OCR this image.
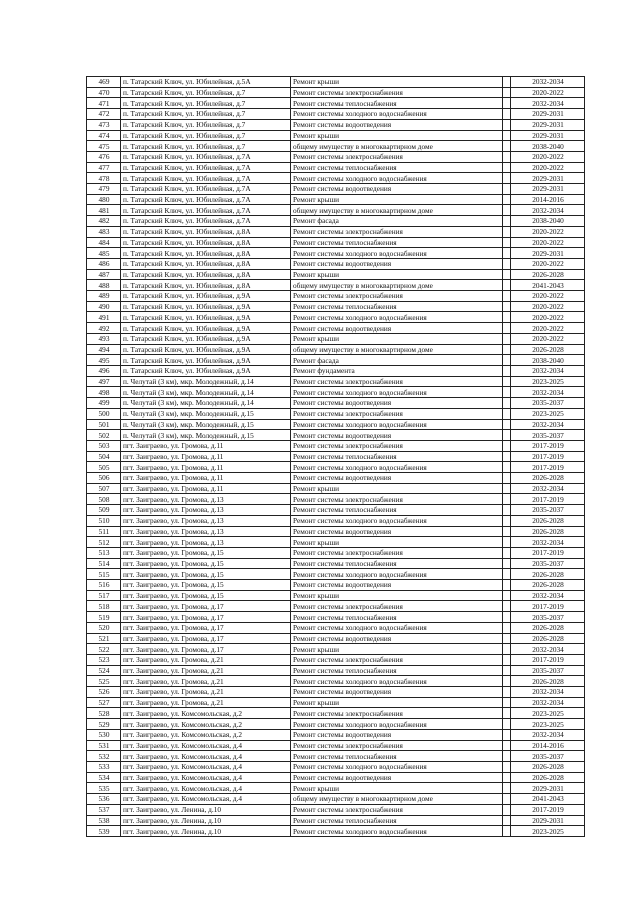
469	п. Татарский Ключ, ул. Юбилейная, д.5А	Ремонт крыши		2032-2034
470	п. Татарский Ключ, ул. Юбилейная, д.7	Ремонт системы электроснабжения		2020-2022
471	п. Татарский Ключ, ул. Юбилейная, д.7	Ремонт системы теплоснабжения		2032-2034
472	п. Татарский Ключ, ул. Юбилейная, д.7	Ремонт системы холодного водоснабжения		2029-2031
473	п. Татарский Ключ, ул. Юбилейная, д.7	Ремонт системы водоотведения		2029-2031
474	п. Татарский Ключ, ул. Юбилейная, д.7	Ремонт крыши		2029-2031
475	п. Татарский Ключ, ул. Юбилейная, д.7	общему имуществу в многоквартирном доме		2038-2040
476	п. Татарский Ключ, ул. Юбилейная, д.7А	Ремонт системы электроснабжения		2020-2022
477	п. Татарский Ключ, ул. Юбилейная, д.7А	Ремонт системы теплоснабжения		2020-2022
478	п. Татарский Ключ, ул. Юбилейная, д.7А	Ремонт системы холодного водоснабжения		2029-2031
479	п. Татарский Ключ, ул. Юбилейная, д.7А	Ремонт системы водоотведения		2029-2031
480	п. Татарский Ключ, ул. Юбилейная, д.7А	Ремонт крыши		2014-2016
481	п. Татарский Ключ, ул. Юбилейная, д.7А	общему имуществу в многоквартирном доме		2032-2034
482	п. Татарский Ключ, ул. Юбилейная, д.7А	Ремонт фасада		2038-2040
483	п. Татарский Ключ, ул. Юбилейная, д.8А	Ремонт системы электроснабжения		2020-2022
484	п. Татарский Ключ, ул. Юбилейная, д.8А	Ремонт системы теплоснабжения		2020-2022
485	п. Татарский Ключ, ул. Юбилейная, д.8А	Ремонт системы холодного водоснабжения		2029-2031
486	п. Татарский Ключ, ул. Юбилейная, д.8А	Ремонт системы водоотведения		2020-2022
487	п. Татарский Ключ, ул. Юбилейная, д.8А	Ремонт крыши		2026-2028
488	п. Татарский Ключ, ул. Юбилейная, д.8А	общему имуществу в многоквартирном доме		2041-2043
489	п. Татарский Ключ, ул. Юбилейная, д.9А	Ремонт системы электроснабжения		2020-2022
490	п. Татарский Ключ, ул. Юбилейная, д.9А	Ремонт системы теплоснабжения		2020-2022
491	п. Татарский Ключ, ул. Юбилейная, д.9А	Ремонт системы холодного водоснабжения		2020-2022
492	п. Татарский Ключ, ул. Юбилейная, д.9А	Ремонт системы водоотведения		2020-2022
493	п. Татарский Ключ, ул. Юбилейная, д.9А	Ремонт крыши		2020-2022
494	п. Татарский Ключ, ул. Юбилейная, д.9А	общему имуществу в многоквартирном доме		2026-2028
495	п. Татарский Ключ, ул. Юбилейная, д.9А	Ремонт фасада		2038-2040
496	п. Татарский Ключ, ул. Юбилейная, д.9А	Ремонт фундамента		2032-2034
497	п. Челутай (3 км), мкр. Молодежный, д.14	Ремонт системы электроснабжения		2023-2025
498	п. Челутай (3 км), мкр. Молодежный, д.14	Ремонт системы холодного водоснабжения		2032-2034
499	п. Челутай (3 км), мкр. Молодежный, д.14	Ремонт системы водоотведения		2035-2037
500	п. Челутай (3 км), мкр. Молодежный, д.15	Ремонт системы электроснабжения		2023-2025
501	п. Челутай (3 км), мкр. Молодежный, д.15	Ремонт системы холодного водоснабжения		2032-2034
502	п. Челутай (3 км), мкр. Молодежный, д.15	Ремонт системы водоотведения		2035-2037
503	пгт. Заиграево, ул. Громова, д.11	Ремонт системы электроснабжения		2017-2019
504	пгт. Заиграево, ул. Громова, д.11	Ремонт системы теплоснабжения		2017-2019
505	пгт. Заиграево, ул. Громова, д.11	Ремонт системы холодного водоснабжения		2017-2019
506	пгт. Заиграево, ул. Громова, д.11	Ремонт системы водоотведения		2026-2028
507	пгт. Заиграево, ул. Громова, д.11	Ремонт крыши		2032-2034
508	пгт. Заиграево, ул. Громова, д.13	Ремонт системы электроснабжения		2017-2019
509	пгт. Заиграево, ул. Громова, д.13	Ремонт системы теплоснабжения		2035-2037
510	пгт. Заиграево, ул. Громова, д.13	Ремонт системы холодного водоснабжения		2026-2028
511	пгт. Заиграево, ул. Громова, д.13	Ремонт системы водоотведения		2026-2028
512	пгт. Заиграево, ул. Громова, д.13	Ремонт крыши		2032-2034
513	пгт. Заиграево, ул. Громова, д.15	Ремонт системы электроснабжения		2017-2019
514	пгт. Заиграево, ул. Громова, д.15	Ремонт системы теплоснабжения		2035-2037
515	пгт. Заиграево, ул. Громова, д.15	Ремонт системы холодного водоснабжения		2026-2028
516	пгт. Заиграево, ул. Громова, д.15	Ремонт системы водоотведения		2026-2028
517	пгт. Заиграево, ул. Громова, д.15	Ремонт крыши		2032-2034
518	пгт. Заиграево, ул. Громова, д.17	Ремонт системы электроснабжения		2017-2019
519	пгт. Заиграево, ул. Громова, д.17	Ремонт системы теплоснабжения		2035-2037
520	пгт. Заиграево, ул. Громова, д.17	Ремонт системы холодного водоснабжения		2026-2028
521	пгт. Заиграево, ул. Громова, д.17	Ремонт системы водоотведения		2026-2028
522	пгт. Заиграево, ул. Громова, д.17	Ремонт крыши		2032-2034
523	пгт. Заиграево, ул. Громова, д.21	Ремонт системы электроснабжения		2017-2019
524	пгт. Заиграево, ул. Громова, д.21	Ремонт системы теплоснабжения		2035-2037
525	пгт. Заиграево, ул. Громова, д.21	Ремонт системы холодного водоснабжения		2026-2028
526	пгт. Заиграево, ул. Громова, д.21	Ремонт системы водоотведения		2032-2034
527	пгт. Заиграево, ул. Громова, д.21	Ремонт крыши		2032-2034
528	пгт. Заиграево, ул. Комсомольская, д.2	Ремонт системы электроснабжения		2023-2025
529	пгт. Заиграево, ул. Комсомольская, д.2	Ремонт системы холодного водоснабжения		2023-2025
530	пгт. Заиграево, ул. Комсомольская, д.2	Ремонт системы водоотведения		2032-2034
531	пгт. Заиграево, ул. Комсомольская, д.4	Ремонт системы электроснабжения		2014-2016
532	пгт. Заиграево, ул. Комсомольская, д.4	Ремонт системы теплоснабжения		2035-2037
533	пгт. Заиграево, ул. Комсомольская, д.4	Ремонт системы холодного водоснабжения		2026-2028
534	пгт. Заиграево, ул. Комсомольская, д.4	Ремонт системы водоотведения		2026-2028
535	пгт. Заиграево, ул. Комсомольская, д.4	Ремонт крыши		2029-2031
536	пгт. Заиграево, ул. Комсомольская, д.4	общему имуществу в многоквартирном доме		2041-2043
537	пгт. Заиграево, ул. Ленина, д.10	Ремонт системы электроснабжения		2017-2019
538	пгт. Заиграево, ул. Ленина, д.10	Ремонт системы теплоснабжения		2029-2031
539	пгт. Заиграево, ул. Ленина, д.10	Ремонт системы холодного водоснабжения		2023-2025
